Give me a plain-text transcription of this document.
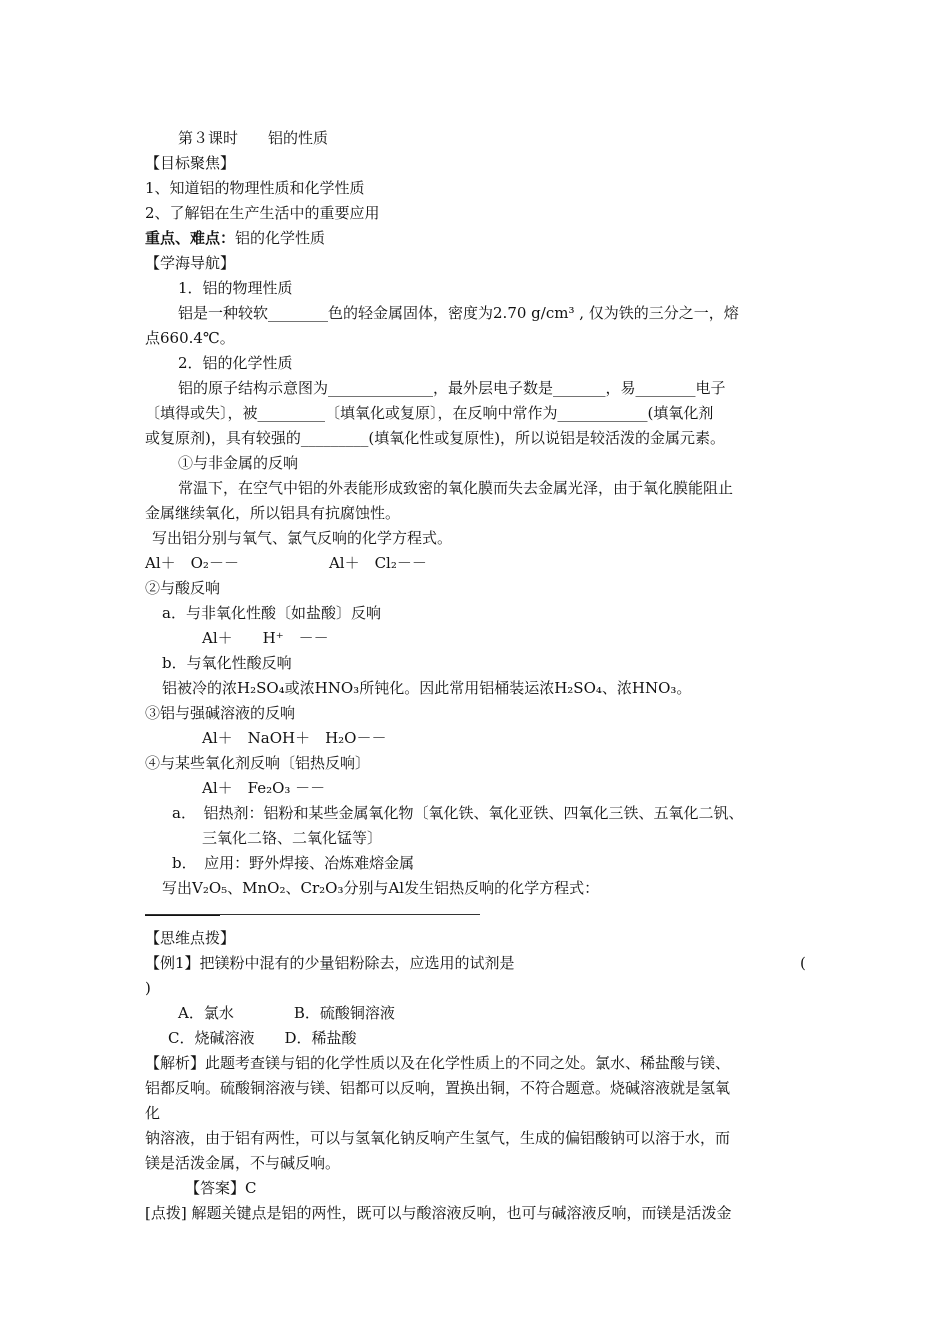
第３课时　　铝的性质
【目标聚焦】
1、知道铝的物理性质和化学性质
2、了解铝在生产生活中的重要应用
重点、难点：铝的化学性质
【学海导航】
1．铝的物理性质
铝是一种较软________色的轻金属固体，密度为2.70 g/cm³ , 仅为铁的三分之一，熔
点660.4℃。
2．铝的化学性质
铝的原子结构示意图为______________，最外层电子数是_______，易________电子
〔填得或失〕，被_________〔填氧化或复原〕，在反响中常作为____________(填氧化剂
或复原剂)，具有较强的_________(填氧化性或复原性)，所以说铝是较活泼的金属元素。
①与非金属的反响
常温下，在空气中铝的外表能形成致密的氧化膜而失去金属光泽，由于氧化膜能阻止
金属继续氧化，所以铝具有抗腐蚀性。
写出铝分别与氧气、氯气反响的化学方程式。
Al＋　O₂－－　　　　　　Al＋　Cl₂－－
②与酸反响
a．与非氧化性酸〔如盐酸〕反响
Al＋　　H⁺　－－
b．与氧化性酸反响
铝被冷的浓H₂SO₄或浓HNO₃所钝化。因此常用铝桶装运浓H₂SO₄、浓HNO₃。
③铝与强碱溶液的反响
Al＋　NaOH＋　H₂O－－
④与某些氧化剂反响〔铝热反响〕
Al＋　Fe₂O₃ －－
a．　铝热剂：铝粉和某些金属氧化物〔氧化铁、氧化亚铁、四氧化三铁、五氧化二钒、
三氧化二铬、二氧化锰等〕
b．　应用：野外焊接、冶炼难熔金属
写出V₂O₅、MnO₂、Cr₂O₃分别与Al发生铝热反响的化学方程式：
【思维点拨】
【例1】把镁粉中混有的少量铝粉除去，应选用的试剂是	(
)
A．氯水　　　　B．硫酸铜溶液
C．烧碱溶液　　D．稀盐酸
【解析】此题考查镁与铝的化学性质以及在化学性质上的不同之处。氯水、稀盐酸与镁、
铝都反响。硫酸铜溶液与镁、铝都可以反响，置换出铜，不符合题意。烧碱溶液就是氢氧
化
钠溶液，由于铝有两性，可以与氢氧化钠反响产生氢气，生成的偏铝酸钠可以溶于水，而
镁是活泼金属，不与碱反响。
【答案】C
[点拨] 解题关键点是铝的两性，既可以与酸溶液反响，也可与碱溶液反响，而镁是活泼金
